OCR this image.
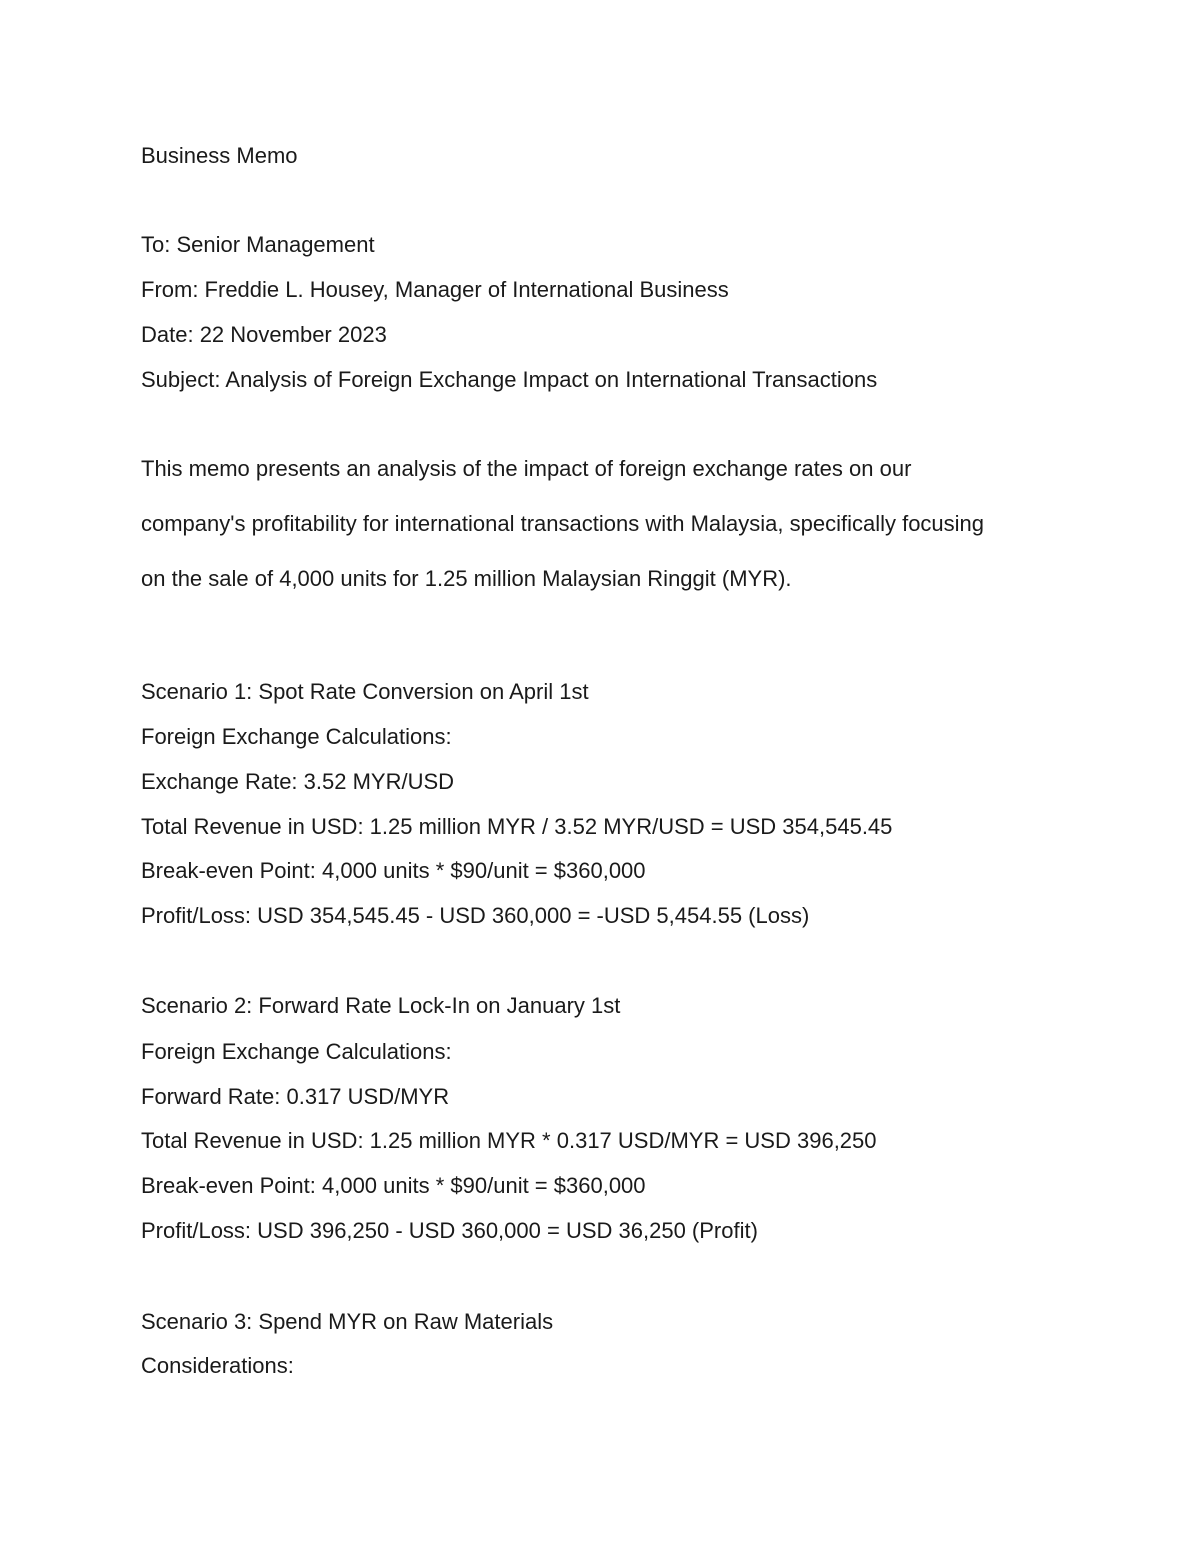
Business Memo
To: Senior Management
From: Freddie L. Housey, Manager of International Business
Date: 22 November 2023
Subject: Analysis of Foreign Exchange Impact on International Transactions
This memo presents an analysis of the impact of foreign exchange rates on our
company's profitability for international transactions with Malaysia, specifically focusing
on the sale of 4,000 units for 1.25 million Malaysian Ringgit (MYR).
Scenario 1: Spot Rate Conversion on April 1st
Foreign Exchange Calculations:
Exchange Rate: 3.52 MYR/USD
Total Revenue in USD: 1.25 million MYR / 3.52 MYR/USD = USD 354,545.45
Break-even Point: 4,000 units * $90/unit = $360,000
Profit/Loss: USD 354,545.45 - USD 360,000 = -USD 5,454.55 (Loss)
Scenario 2: Forward Rate Lock-In on January 1st
Foreign Exchange Calculations:
Forward Rate: 0.317 USD/MYR
Total Revenue in USD: 1.25 million MYR * 0.317 USD/MYR = USD 396,250
Break-even Point: 4,000 units * $90/unit = $360,000
Profit/Loss: USD 396,250 - USD 360,000 = USD 36,250 (Profit)
Scenario 3: Spend MYR on Raw Materials
Considerations:
